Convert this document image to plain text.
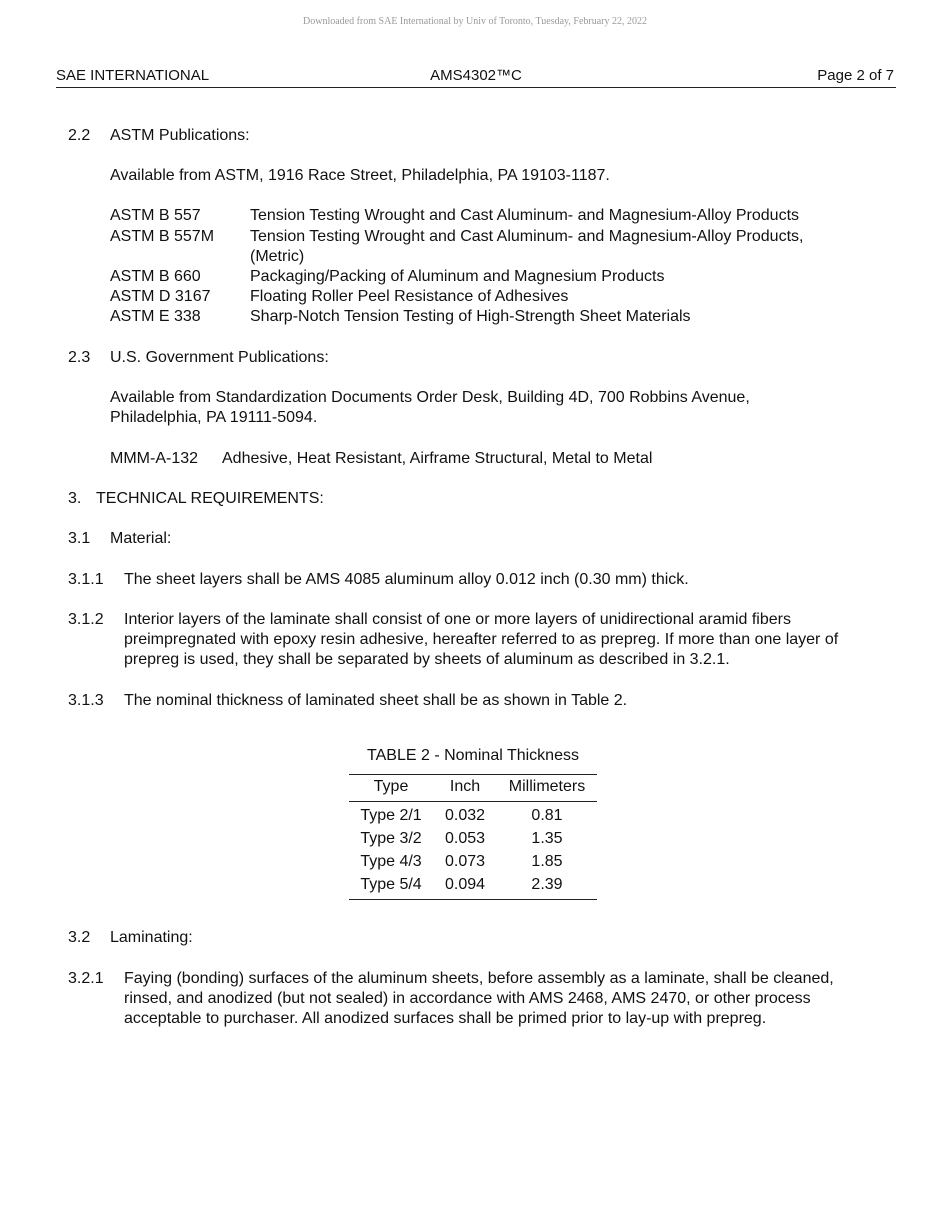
Downloaded from SAE International by Univ of Toronto, Tuesday, February 22, 2022
SAE INTERNATIONAL	AMS4302™C	Page 2 of 7
2.2 ASTM Publications:
Available from ASTM, 1916 Race Street, Philadelphia, PA 19103-1187.
ASTM B 557	Tension Testing Wrought and Cast Aluminum- and Magnesium-Alloy Products
ASTM B 557M Tension Testing Wrought and Cast Aluminum- and Magnesium-Alloy Products, (Metric)
ASTM B 660	Packaging/Packing of Aluminum and Magnesium Products
ASTM D 3167 Floating Roller Peel Resistance of Adhesives
ASTM E 338	Sharp-Notch Tension Testing of High-Strength Sheet Materials
2.3 U.S. Government Publications:
Available from Standardization Documents Order Desk, Building 4D, 700 Robbins Avenue, Philadelphia, PA 19111-5094.
MMM-A-132 Adhesive, Heat Resistant, Airframe Structural, Metal to Metal
3. TECHNICAL REQUIREMENTS:
3.1 Material:
3.1.1 The sheet layers shall be AMS 4085 aluminum alloy 0.012 inch (0.30 mm) thick.
3.1.2 Interior layers of the laminate shall consist of one or more layers of unidirectional aramid fibers preimpregnated with epoxy resin adhesive, hereafter referred to as prepreg. If more than one layer of prepreg is used, they shall be separated by sheets of aluminum as described in 3.2.1.
3.1.3 The nominal thickness of laminated sheet shall be as shown in Table 2.
TABLE 2 - Nominal Thickness
Type	Inch	Millimeters
Type 2/1	0.032	0.81
Type 3/2	0.053	1.35
Type 4/3	0.073	1.85
Type 5/4	0.094	2.39
3.2 Laminating:
3.2.1 Faying (bonding) surfaces of the aluminum sheets, before assembly as a laminate, shall be cleaned, rinsed, and anodized (but not sealed) in accordance with AMS 2468, AMS 2470, or other process acceptable to purchaser. All anodized surfaces shall be primed prior to lay-up with prepreg.
